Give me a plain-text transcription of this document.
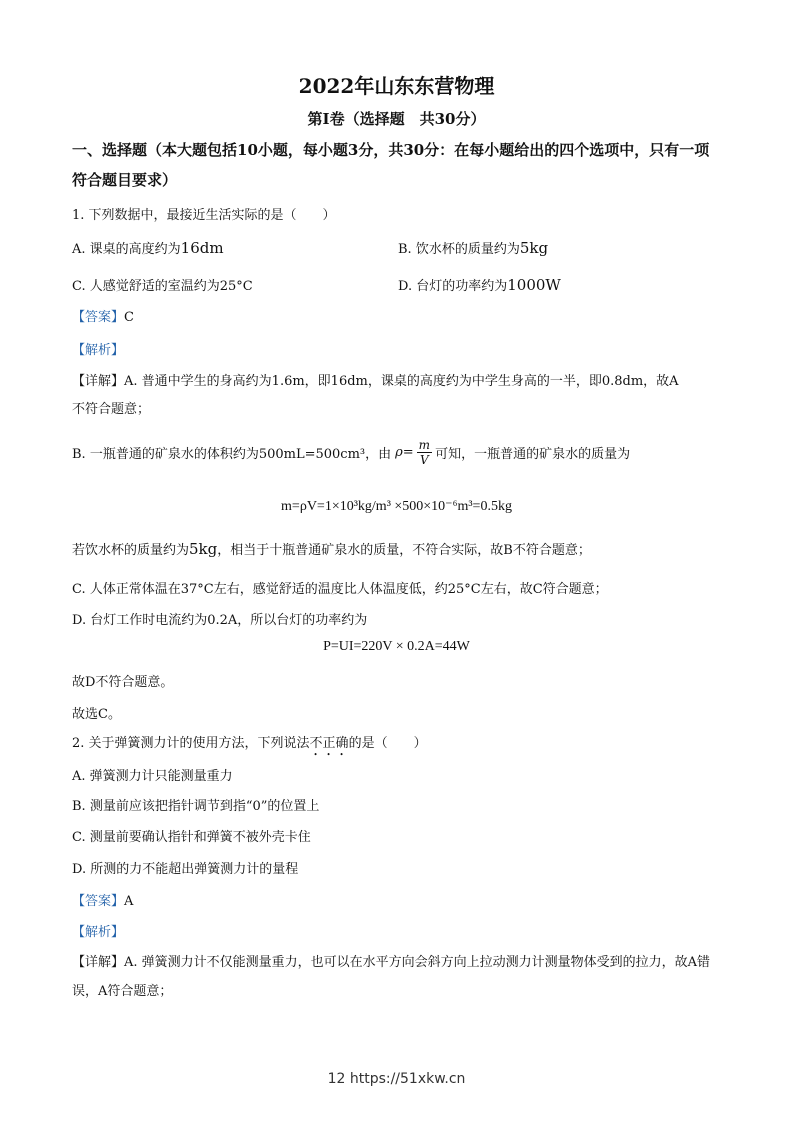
2022年山东东营物理
第Ⅰ卷（选择题　共30分）
一、选择题（本大题包括10小题，每小题3分，共30分：在每小题给出的四个选项中，只有一项符合题目要求）
1. 下列数据中，最接近生活实际的是（　　）
A. 课桌的高度约为16dm	B. 饮水杯的质量约为5kg
C. 人感觉舒适的室温约为25°C	D. 台灯的功率约为1000W
【答案】C
【解析】
【详解】A. 普通中学生的身高约为1.6m，即16dm，课桌的高度约为中学生身高的一半，即0.8dm，故A
不符合题意；
B. 一瓶普通的矿泉水的体积约为500mL=500cm³，由 $\rho= \frac{m}{V}$ 可知，一瓶普通的矿泉水的质量为
m=ρV=1×10³kg/m³ ×500×10⁻⁶m³=0.5kg
若饮水杯的质量约为5kg，相当于十瓶普通矿泉水的质量，不符合实际，故B不符合题意；
C. 人体正常体温在37°C左右，感觉舒适的温度比人体温度低，约25°C左右，故C符合题意；
D. 台灯工作时电流约为0.2A，所以台灯的功率约为
P=UI=220V × 0.2A=44W
故D不符合题意。
故选C。
2. 关于弹簧测力计的使用方法，下列说法不正确的是（　　）
A. 弹簧测力计只能测量重力
B. 测量前应该把指针调节到指“0”的位置上
C. 测量前要确认指针和弹簧不被外壳卡住
D. 所测的力不能超出弹簧测力计的量程
【答案】A
【解析】
【详解】A. 弹簧测力计不仅能测量重力，也可以在水平方向会斜方向上拉动测力计测量物体受到的拉力，故A错误，A符合题意；
12 https://51xkw.cn
